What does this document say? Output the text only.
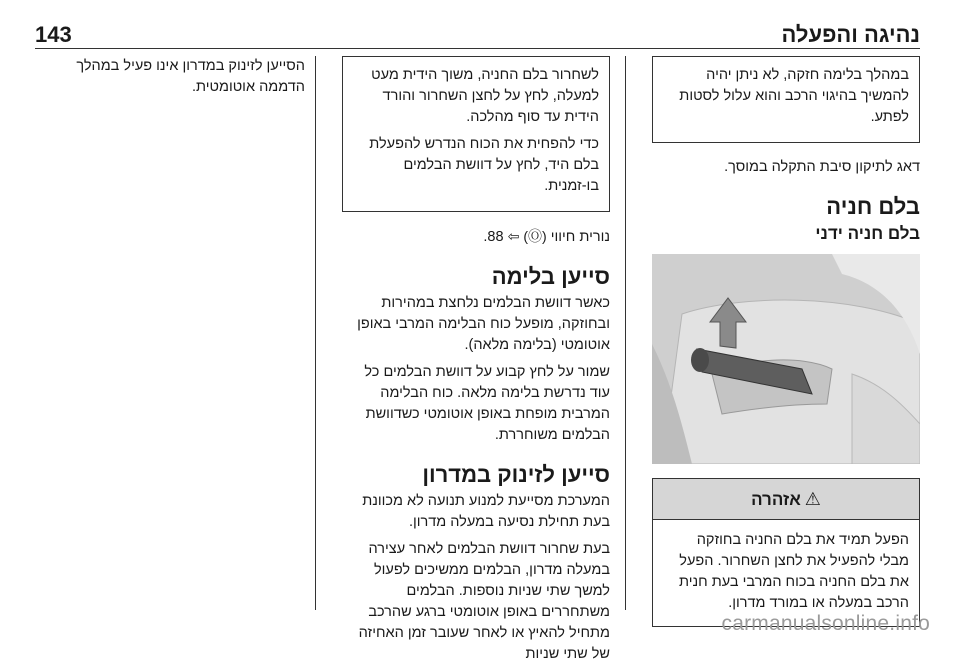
143	נהיגה והפעלה

במהלך בלימה חזקה, לא ניתן יהיה להמשיך בהיגוי הרכב והוא עלול לסטות לפתע.

דאג לתיקון סיבת התקלה במוסך.

בלם חניה
בלם חניה ידני
⚠
אזהרה

הפעל תמיד את בלם החניה בחוזקה מבלי להפעיל את לחצן השחרור. הפעל את בלם החניה בכוח המרבי בעת חנית הרכב במעלה או במורד מדרון.

לשחרור בלם החניה, משוך הידית מעט למעלה, לחץ על לחצן השחרור והורד הידית עד סוף מהלכה.

כדי להפחית את הכוח הנדרש להפעלת בלם היד, לחץ על דוושת הבלמים בו-זמנית.

נורית חיווי (Ⓞ) ⇦ 88.

סייען בלימה

כאשר דוושת הבלמים נלחצת במהירות ובחוזקה, מופעל כוח הבלימה המרבי באופן אוטומטי (בלימה מלאה).

שמור על לחץ קבוע על דוושת הבלמים כל עוד נדרשת בלימה מלאה. כוח הבלימה המרבית מופחת באופן אוטומטי כשדוושת הבלמים משוחררת.

סייען לזינוק במדרון

המערכת מסייעת למנוע תנועה לא מכוונת בעת תחילת נסיעה במעלה מדרון.

בעת שחרור דוושת הבלמים לאחר עצירה במעלה מדרון, הבלמים ממשיכים לפעול למשך שתי שניות נוספות. הבלמים משתחררים באופן אוטומטי ברגע שהרכב מתחיל להאיץ או לאחר שעובר זמן האחיזה של שתי שניות

הסייען לזינוק במדרון אינו פעיל במהלך הדממה אוטומטית.

carmanualsonline.info
